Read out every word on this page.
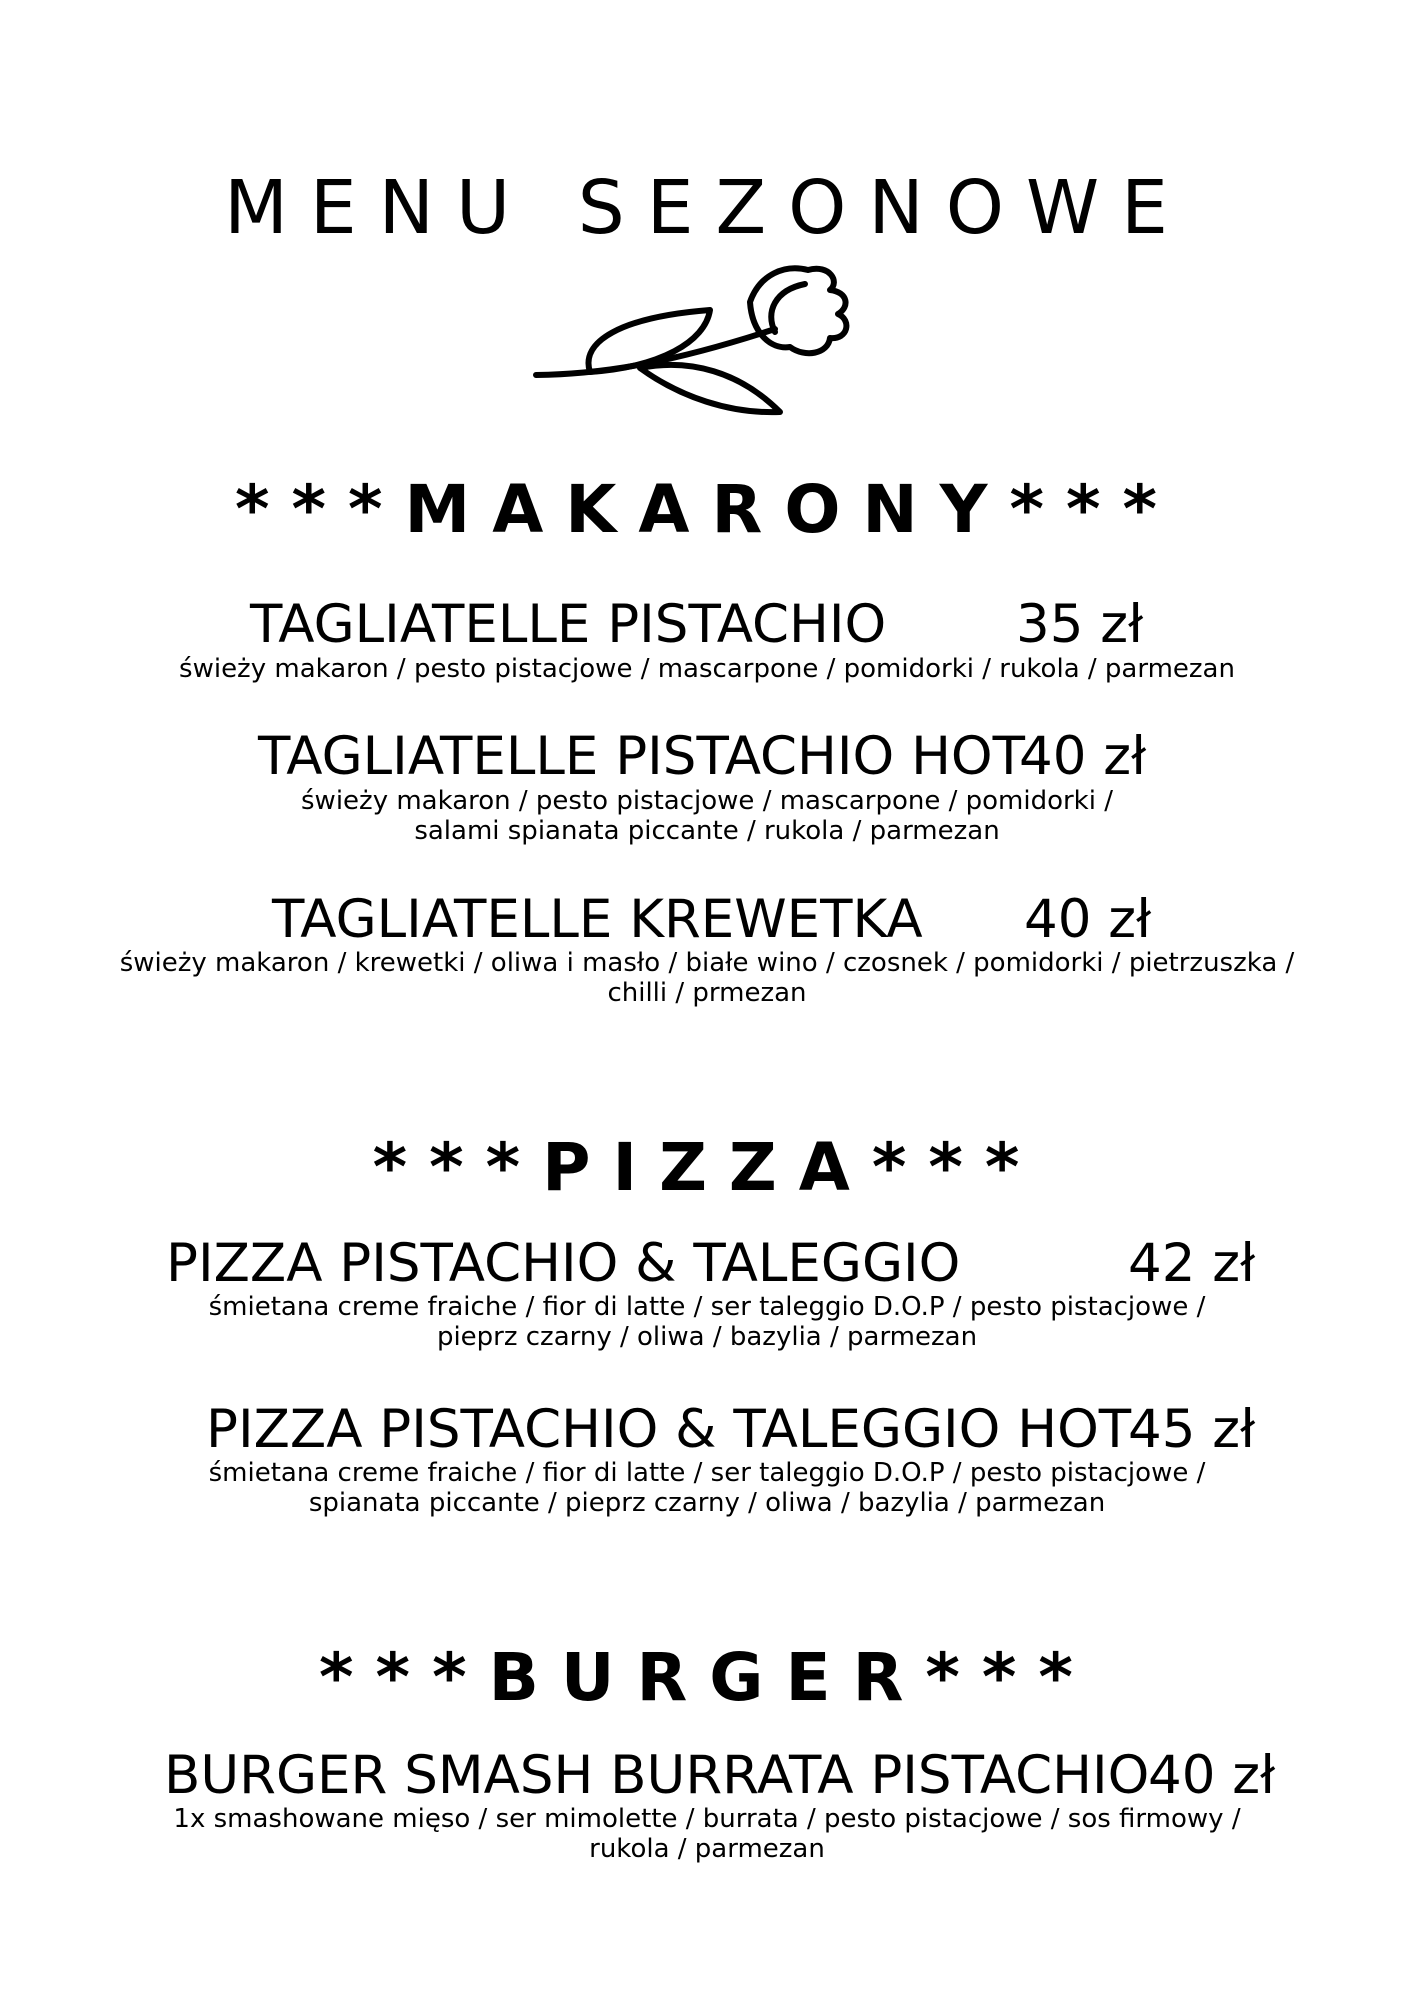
MENU SEZONOWE
***MAKARONY***
TAGLIATELLE PISTACHIO 35 zł
świeży makaron / pesto pistacjowe / mascarpone / pomidorki / rukola / parmezan
TAGLIATELLE PISTACHIO HOT
40 zł
świeży makaron / pesto pistacjowe / mascarpone / pomidorki /
salami spianata piccante / rukola / parmezan
TAGLIATELLE KREWETKA 40 zł
świeży makaron / krewetki / oliwa i masło / białe wino / czosnek / pomidorki / pietrzuszka /
chilli / prmezan
***PIZZA***
PIZZA PISTACHIO & TALEGGIO	42 zł
śmietana creme fraiche / fior di latte / ser taleggio D.O.P / pesto pistacjowe /
pieprz czarny / oliwa / bazylia / parmezan
PIZZA PISTACHIO & TALEGGIO HOT
45 zł
śmietana creme fraiche / fior di latte / ser taleggio D.O.P / pesto pistacjowe /
spianata piccante / pieprz czarny / oliwa / bazylia / parmezan
***BURGER***
BURGER SMASH BURRATA PISTACHIO
40 zł
1x smashowane mięso / ser mimolette / burrata / pesto pistacjowe / sos firmowy /
rukola / parmezan
